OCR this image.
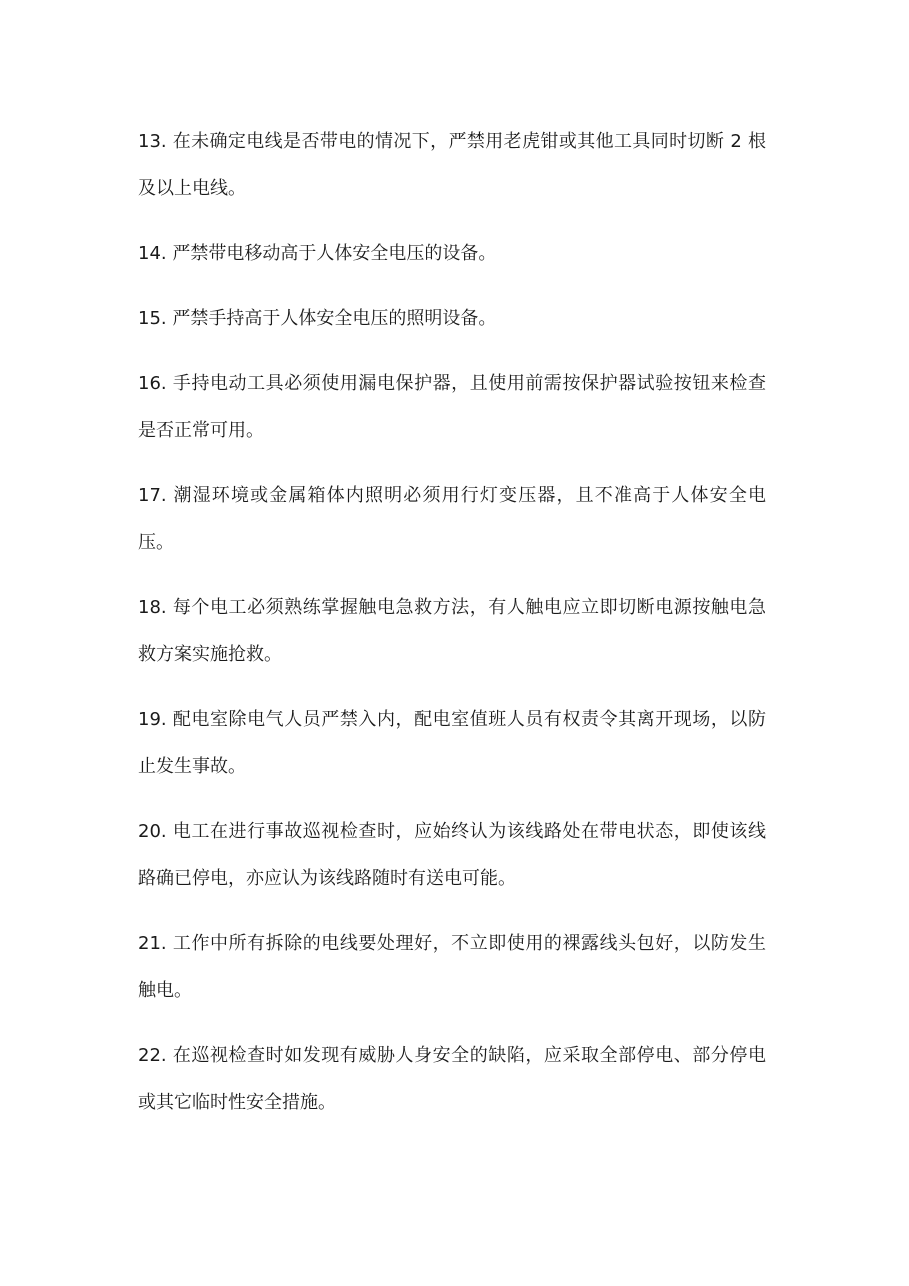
13. 在未确定电线是否带电的情况下，严禁用老虎钳或其他工具同时切断 2 根及以上电线。

14. 严禁带电移动高于人体安全电压的设备。

15. 严禁手持高于人体安全电压的照明设备。

16. 手持电动工具必须使用漏电保护器，且使用前需按保护器试验按钮来检查是否正常可用。

17. 潮湿环境或金属箱体内照明必须用行灯变压器，且不准高于人体安全电压。

18. 每个电工必须熟练掌握触电急救方法，有人触电应立即切断电源按触电急救方案实施抢救。

19. 配电室除电气人员严禁入内，配电室值班人员有权责令其离开现场，以防止发生事故。

20. 电工在进行事故巡视检查时，应始终认为该线路处在带电状态，即使该线路确已停电，亦应认为该线路随时有送电可能。

21. 工作中所有拆除的电线要处理好，不立即使用的裸露线头包好，以防发生触电。

22. 在巡视检查时如发现有威胁人身安全的缺陷，应采取全部停电、部分停电或其它临时性安全措施。
